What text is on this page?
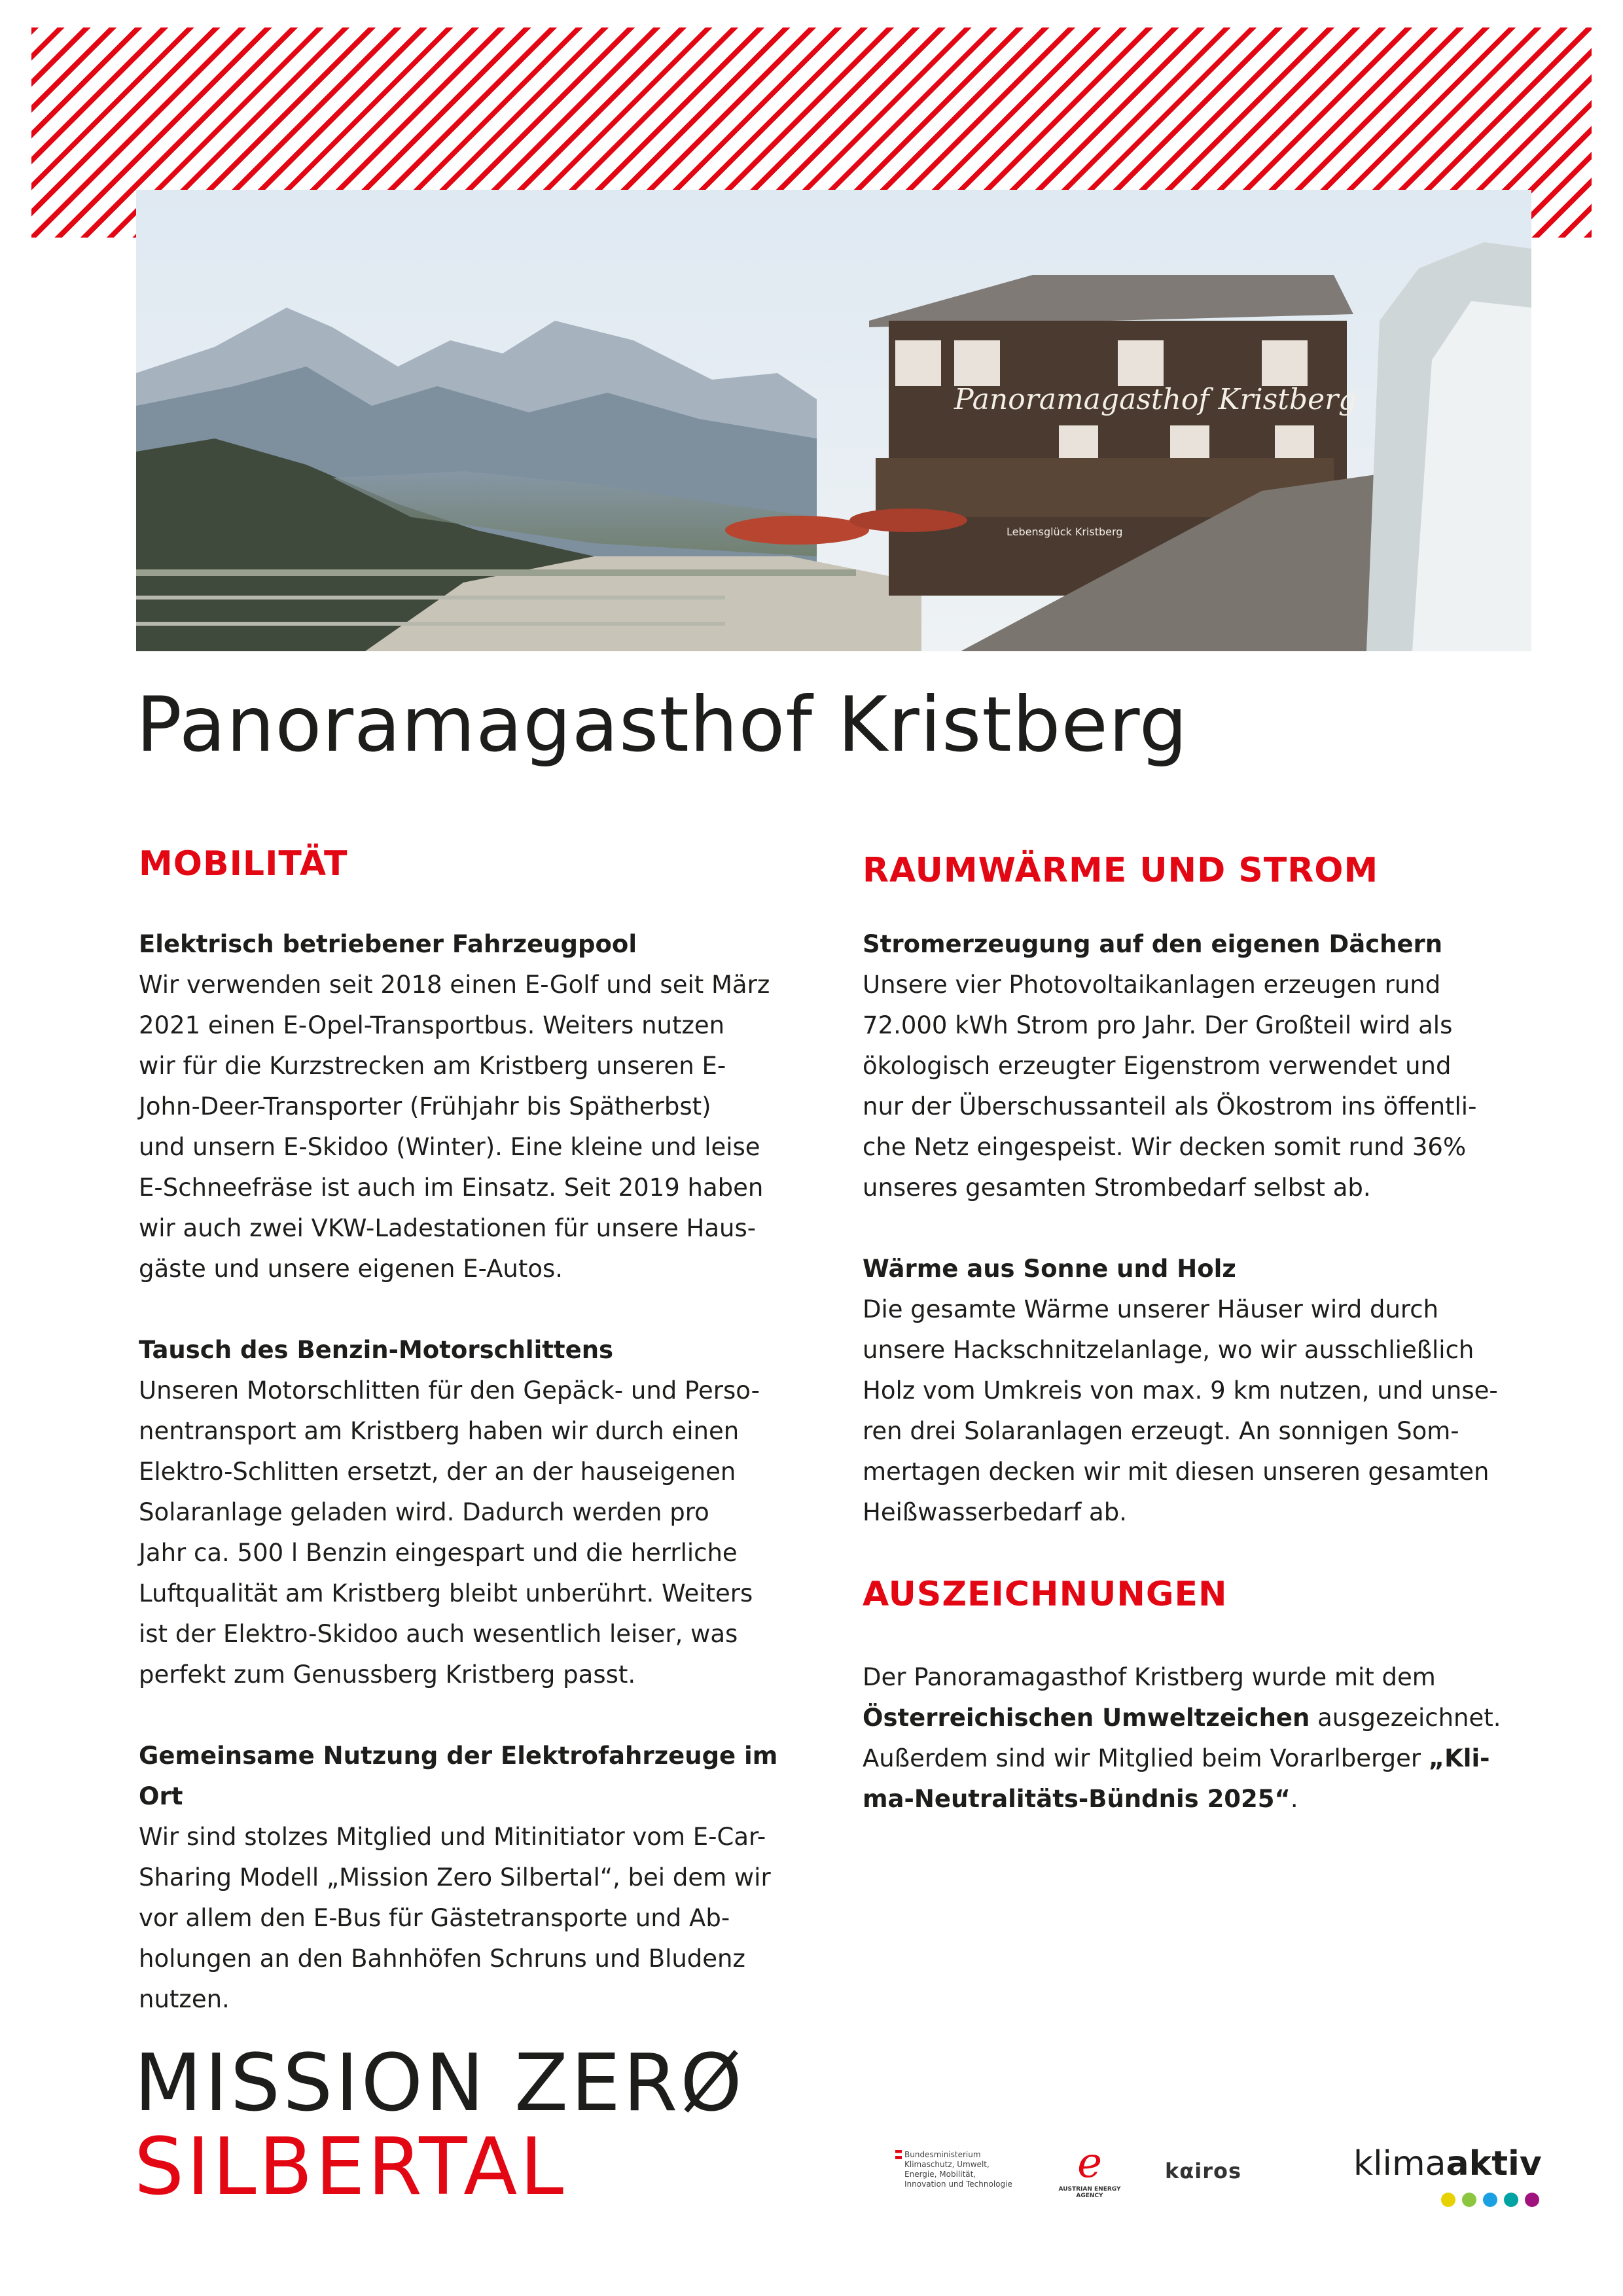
Panoramagasthof Kristberg
Lebensglück Kristberg
Panoramagasthof Kristberg
MOBILITÄT

Elektrisch betriebener Fahrzeugpool

Wir verwenden seit 2018 einen E-Golf und seit März

2021 einen E-Opel-Transportbus. Weiters nutzen

wir für die Kurzstrecken am Kristberg unseren E-

John-Deer-Transporter (Frühjahr bis Spätherbst)

und unsern E-Skidoo (Winter). Eine kleine und leise

E-Schneefräse ist auch im Einsatz. Seit 2019 haben

wir auch zwei VKW-Ladestationen für unsere Haus-

gäste und unsere eigenen E-Autos.

Tausch des Benzin-Motorschlittens

Unseren Motorschlitten für den Gepäck- und Perso-

nentransport am Kristberg haben wir durch einen

Elektro-Schlitten ersetzt, der an der hauseigenen

Solaranlage geladen wird. Dadurch werden pro

Jahr ca. 500 l Benzin eingespart und die herrliche

Luftqualität am Kristberg bleibt unberührt. Weiters

ist der Elektro-Skidoo auch wesentlich leiser, was

perfekt zum Genussberg Kristberg passt.

Gemeinsame Nutzung der Elektrofahrzeuge im Ort

Wir sind stolzes Mitglied und Mitinitiator vom E-Car-

Sharing Modell „Mission Zero Silbertal“, bei dem wir

vor allem den E-Bus für Gästetransporte und Ab-

holungen an den Bahnhöfen Schruns und Bludenz

nutzen.

RAUMWÄRME UND STROM

Stromerzeugung auf den eigenen Dächern

Unsere vier Photovoltaikanlagen erzeugen rund

72.000 kWh Strom pro Jahr. Der Großteil wird als

ökologisch erzeugter Eigenstrom verwendet und

nur der Überschussanteil als Ökostrom ins öffentli-

che Netz eingespeist. Wir decken somit rund 36%

unseres gesamten Strombedarf selbst ab.

Wärme aus Sonne und Holz

Die gesamte Wärme unserer Häuser wird durch

unsere Hackschnitzelanlage, wo wir ausschließlich

Holz vom Umkreis von max. 9 km nutzen, und unse-

ren drei Solaranlagen erzeugt. An sonnigen Som-

mertagen decken wir mit diesen unseren gesamten

Heißwasserbedarf ab.

AUSZEICHNUNGEN

Der Panoramagasthof Kristberg wurde mit dem

Österreichischen Umweltzeichen ausgezeichnet.

Außerdem sind wir Mitglied beim Vorarlberger „Kli-

ma-Neutralitäts-Bündnis 2025“.

MISSION ZERØ
SILBERTAL	Bundesministerium
Klimaschutz, Umwelt,
Energie, Mobilität,
Innovation und Technologie	e
AUSTRIAN ENERGY AGENCY
kαiros	klimaaktiv
